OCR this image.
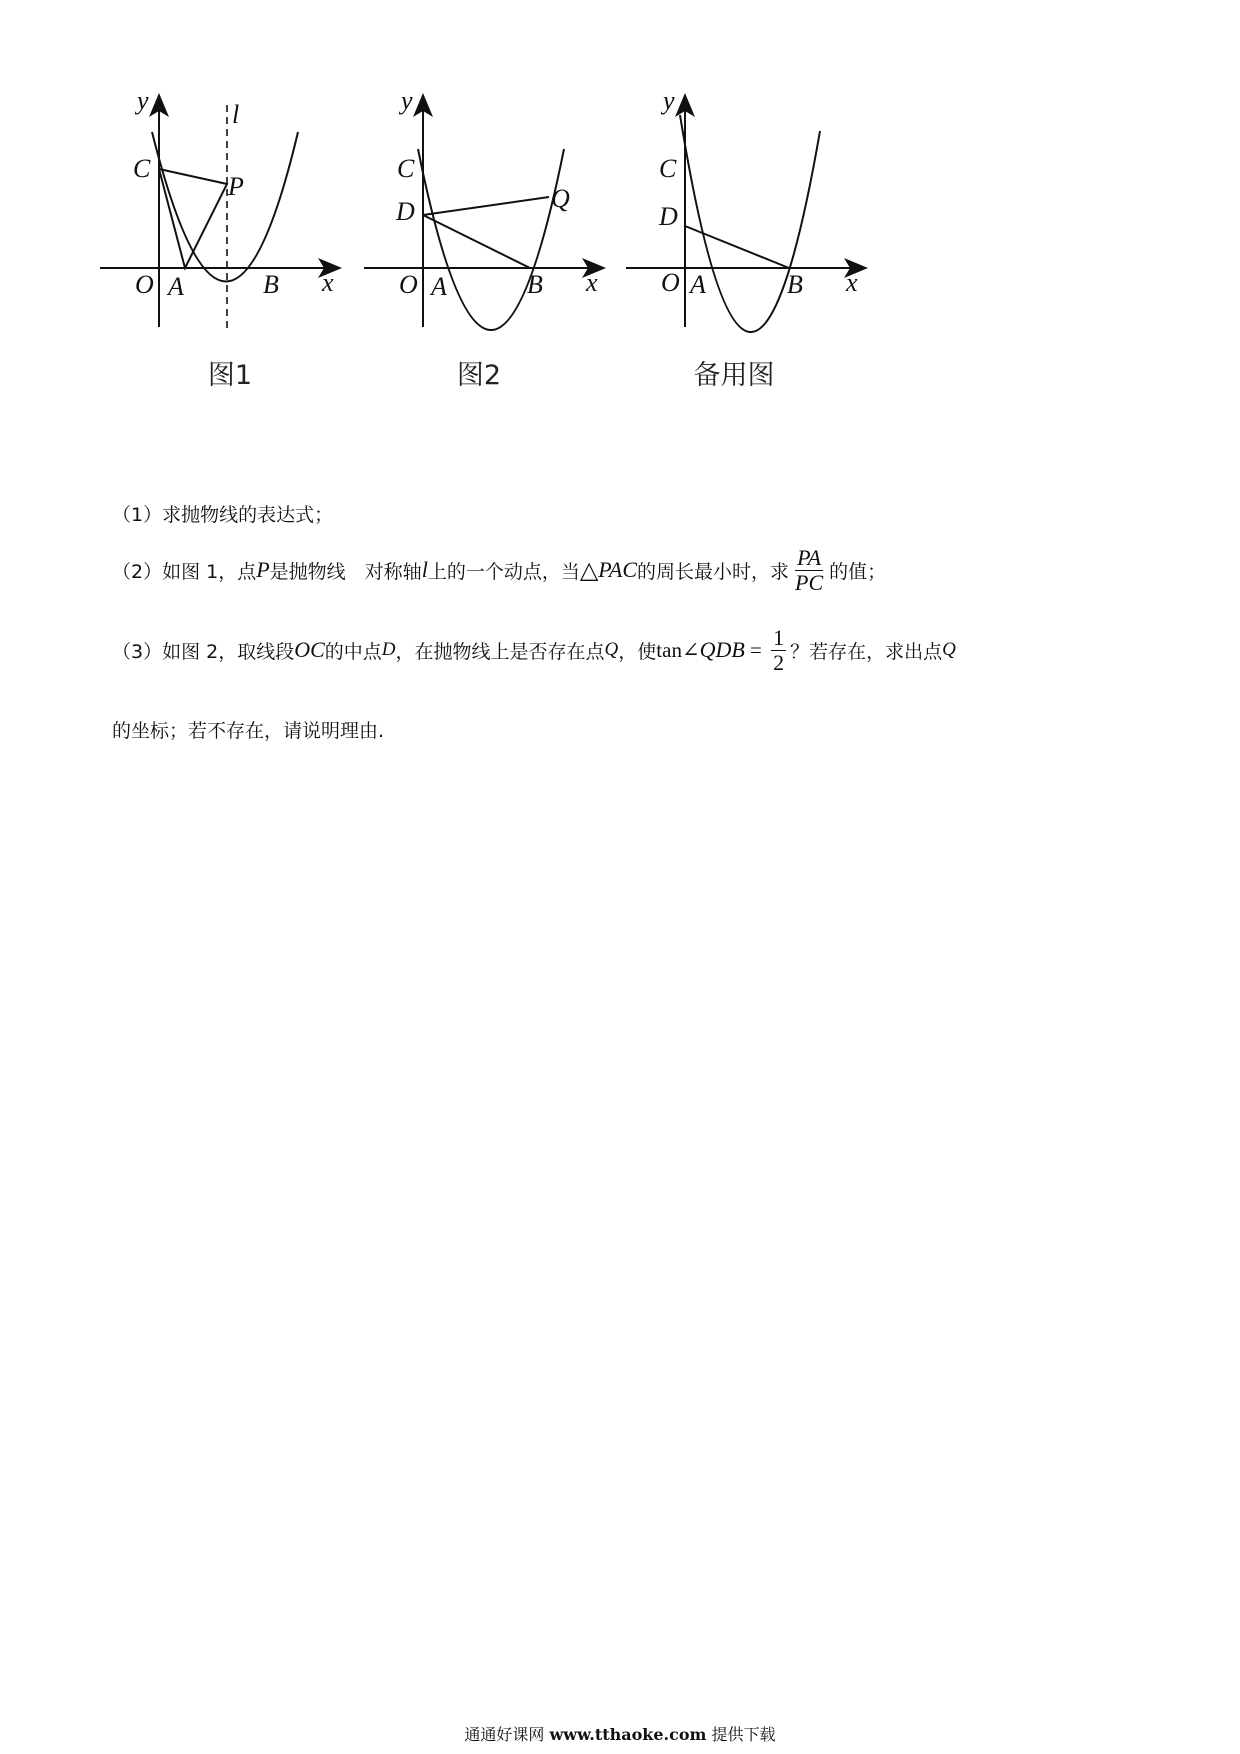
y	l
C
P
O A	B x
图1
y
C
D	Q
O A	B x
图2
y
C
D
O A	B x
备用图
（1）求抛物线的表达式；
（2）如图 1，点 P 是抛物线　对称轴 l 上的一个动点，当 △ PAC 的周长最小时，求 $\frac{PA}{PC}$ 的值；
（3）如图 2，取线段 OC 的中点 D ，在抛物线上是否存在点 Q ，使 tan ∠ QDB = $\frac{1}{2}$ ？若存在，求出点 Q
的坐标；若不存在，请说明理由.
通通好课网 www.tthaoke.com 提供下载
